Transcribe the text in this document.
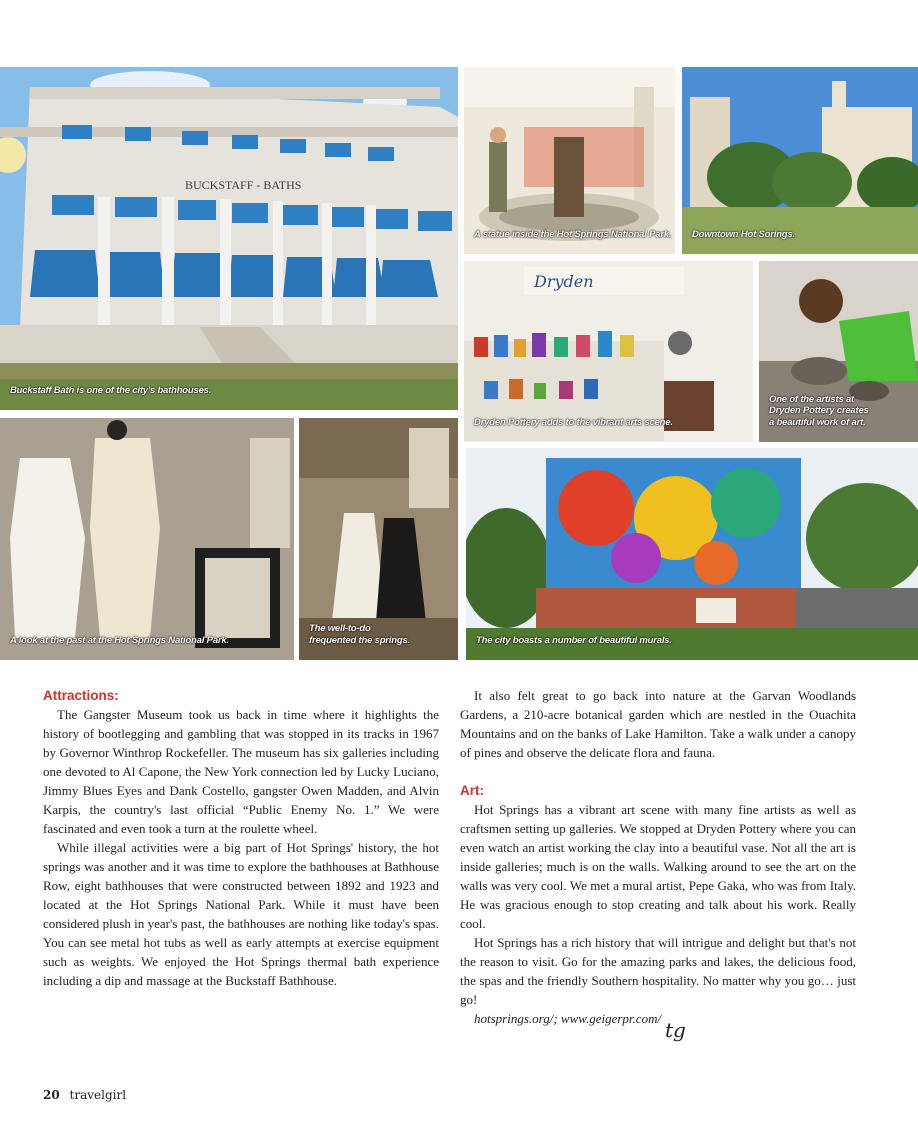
BUCKSTAFF - BATHS
Buckstaff Bath is one of the city's bathhouses.
A statue inside the Hot Springs National Park. Downtown Hot Sorings.
Dryden
Dryden Pottery adds to the vibrant arts scene.
One of the artists at
Dryden Pottery creates
a beautiful work of art.
A look at the past at the Hot Springs National Park.
The well-to-do
frequented the springs.	The city boasts a number of beautiful murals.
Attractions:

The Gangster Museum took us back in time where it highlights the history of bootlegging and gambling that was stopped in its tracks in 1967 by Governor Winthrop Rockefeller. The museum has six galleries including one devoted to Al Capone, the New York connection led by Lucky Luciano, Jimmy Blues Eyes and Dank Costello, gangster Owen Madden, and Alvin Karpis, the country's last official “Public Enemy No. 1.” We were fascinated and even took a turn at the roulette wheel.

While illegal activities were a big part of Hot Springs' history, the hot springs was another and it was time to explore the bathhouses at Bathhouse Row, eight bathhouses that were constructed between 1892 and 1923 and located at the Hot Springs National Park. While it must have been considered plush in year's past, the bathhouses are nothing like today's spas. You can see metal hot tubs as well as early attempts at exercise equipment such as weights. We enjoyed the Hot Springs thermal bath experience including a dip and massage at the Buckstaff Bathhouse.

It also felt great to go back into nature at the Garvan Woodlands Gardens, a 210-acre botanical garden which are nestled in the Ouachita Mountains and on the banks of Lake Hamilton. Take a walk under a canopy of pines and observe the delicate flora and fauna.

Art:

Hot Springs has a vibrant art scene with many fine artists as well as craftsmen setting up galleries. We stopped at Dryden Pottery where you can even watch an artist working the clay into a beautiful vase. Not all the art is inside galleries; much is on the walls. Walking around to see the art on the walls was very cool. We met a mural artist, Pepe Gaka, who was from Italy. He was gracious enough to stop creating and talk about his work. Really cool.

Hot Springs has a rich history that will intrigue and delight but that's not the reason to visit. Go for the amazing parks and lakes, the delicious food, the spas and the friendly Southern hospitality. No matter why you go… just go!

hotsprings.org/; www.geigerpr.com/ tg
20 travelgirl
